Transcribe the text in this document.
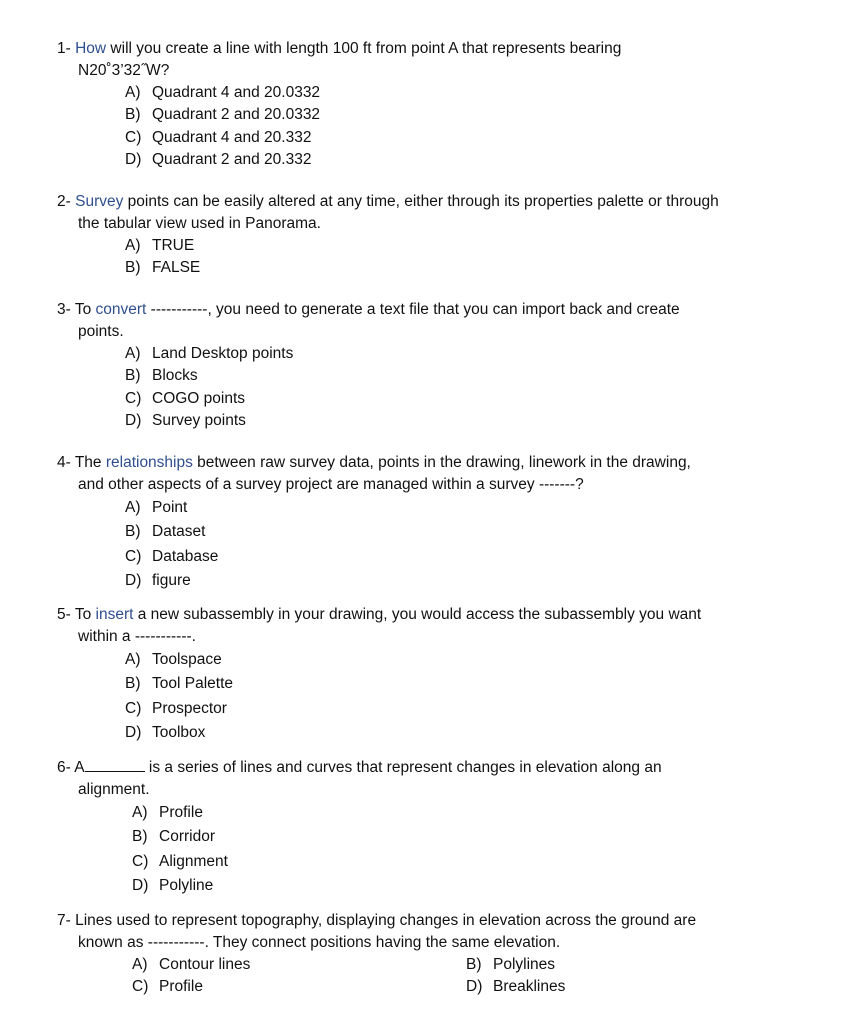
1- How will you create a line with length 100 ft from point A that represents bearing
N20˚3’32˝W?
A) Quadrant 4 and 20.0332
B) Quadrant 2 and 20.0332
C) Quadrant 4 and 20.332
D) Quadrant 2 and 20.332
2- Survey points can be easily altered at any time, either through its properties palette or through
the tabular view used in Panorama.
A) TRUE
B) FALSE
3- To convert -----------, you need to generate a text file that you can import back and create
points.
A) Land Desktop points
B) Blocks
C) COGO points
D) Survey points
4- The relationships between raw survey data, points in the drawing, linework in the drawing,
and other aspects of a survey project are managed within a survey -------?
A) Point
B) Dataset
C) Database
D) figure
5- To insert a new subassembly in your drawing, you would access the subassembly you want
within a -----------.
A) Toolspace
B) Tool Palette
C) Prospector
D) Toolbox
6- A	is a series of lines and curves that represent changes in elevation along an
alignment.
A) Profile
B) Corridor
C) Alignment
D) Polyline
7- Lines used to represent topography, displaying changes in elevation across the ground are
known as -----------. They connect positions having the same elevation.
A) Contour lines	B) Polylines
C) Profile	D) Breaklines
